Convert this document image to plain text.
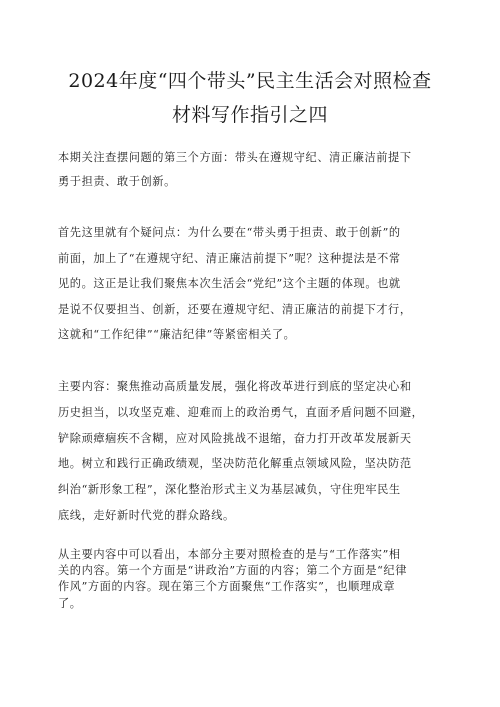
2024年度“四个带头”民主生活会对照检查
材料写作指引之四
本期关注查摆问题的第三个方面：带头在遵规守纪、清正廉洁前提下
勇于担责、敢于创新。
首先这里就有个疑问点：为什么要在“带头勇于担责、敢于创新”的
前面，加上了“在遵规守纪、清正廉洁前提下”呢？这种提法是不常
见的。这正是让我们聚焦本次生活会“党纪”这个主题的体现。也就
是说不仅要担当、创新，还要在遵规守纪、清正廉洁的前提下才行，
这就和“工作纪律”“廉洁纪律”等紧密相关了。
主要内容：聚焦推动高质量发展，强化将改革进行到底的坚定决心和
历史担当，以攻坚克难、迎难而上的政治勇气，直面矛盾问题不回避，
铲除顽瘴痼疾不含糊，应对风险挑战不退缩，奋力打开改革发展新天
地。树立和践行正确政绩观，坚决防范化解重点领域风险，坚决防范
纠治“新形象工程”，深化整治形式主义为基层减负，守住兜牢民生
底线，走好新时代党的群众路线。
从主要内容中可以看出，本部分主要对照检查的是与“工作落实”相
关的内容。第一个方面是“讲政治”方面的内容；第二个方面是“纪律
作风”方面的内容。现在第三个方面聚焦“工作落实”，也顺理成章
了。
